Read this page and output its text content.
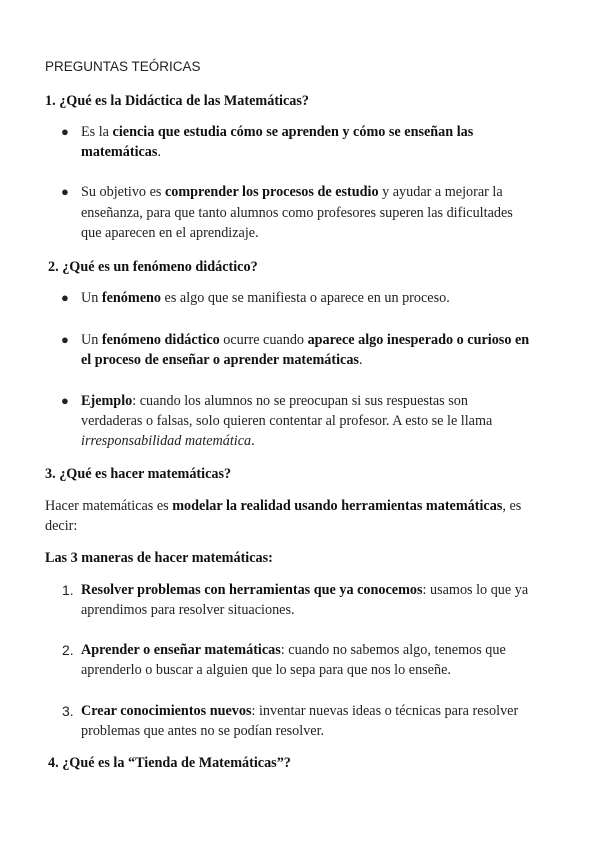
PREGUNTAS TEÓRICAS
1. ¿Qué es la Didáctica de las Matemáticas?
● Es la ciencia que estudia cómo se aprenden y cómo se enseñan las
matemáticas.
● Su objetivo es comprender los procesos de estudio y ayudar a mejorar la
enseñanza, para que tanto alumnos como profesores superen las dificultades
que aparecen en el aprendizaje.
2. ¿Qué es un fenómeno didáctico?
● Un fenómeno es algo que se manifiesta o aparece en un proceso.
● Un fenómeno didáctico ocurre cuando aparece algo inesperado o curioso en
el proceso de enseñar o aprender matemáticas.
● Ejemplo: cuando los alumnos no se preocupan si sus respuestas son
verdaderas o falsas, solo quieren contentar al profesor. A esto se le llama
irresponsabilidad matemática.
3. ¿Qué es hacer matemáticas?
Hacer matemáticas es modelar la realidad usando herramientas matemáticas, es
decir:
Las 3 maneras de hacer matemáticas:
1. Resolver problemas con herramientas que ya conocemos: usamos lo que ya
aprendimos para resolver situaciones.
2. Aprender o enseñar matemáticas: cuando no sabemos algo, tenemos que
aprenderlo o buscar a alguien que lo sepa para que nos lo enseñe.
3. Crear conocimientos nuevos: inventar nuevas ideas o técnicas para resolver
problemas que antes no se podían resolver.
4. ¿Qué es la “Tienda de Matemáticas”?
